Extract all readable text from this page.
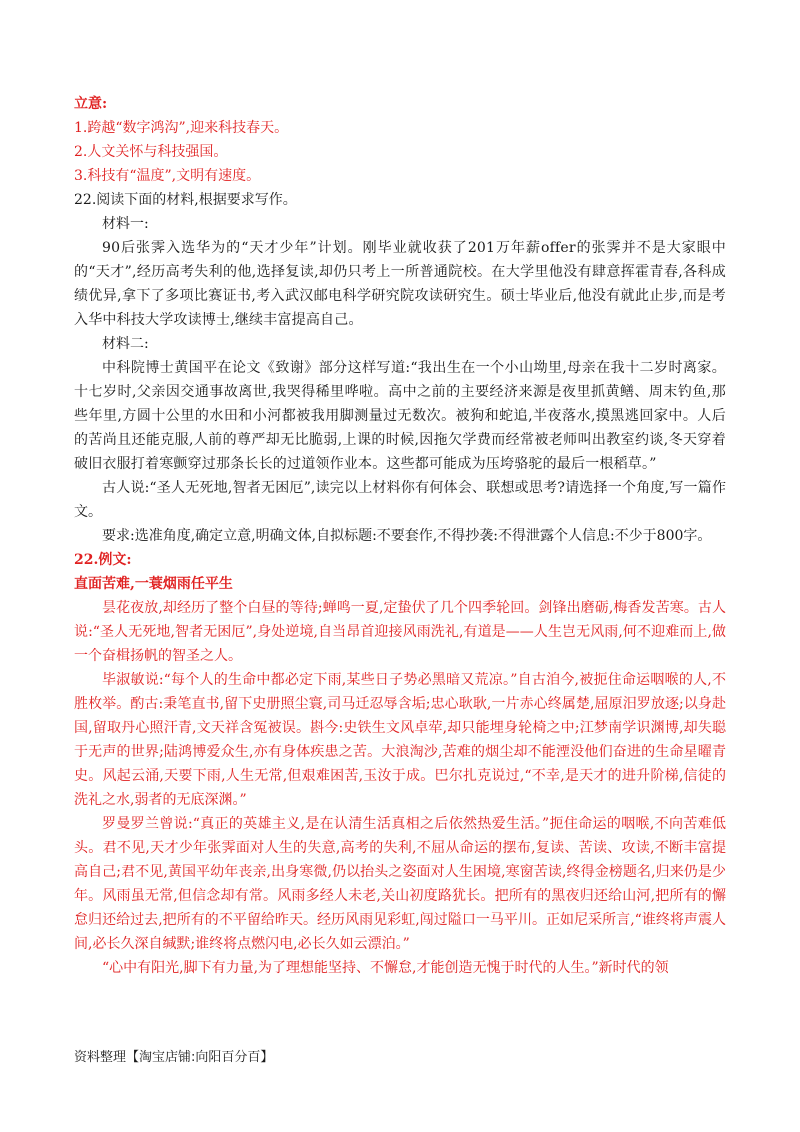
立意:

1.跨越“数字鸿沟”,迎来科技春天。

2.人文关怀与科技强国。

3.科技有“温度”,文明有速度。

22.阅读下面的材料,根据要求写作。

材料一:

90后张霁入选华为的“天才少年”计划。刚毕业就收获了201万年薪offer的张霁并不是大家眼中的“天才”,经历高考失利的他,选择复读,却仍只考上一所普通院校。在大学里他没有肆意挥霍青春,各科成绩优异,拿下了多项比赛证书,考入武汉邮电科学研究院攻读研究生。硕士毕业后,他没有就此止步,而是考入华中科技大学攻读博士,继续丰富提高自己。

材料二:

中科院博士黄国平在论文《致谢》部分这样写道:“我出生在一个小山坳里,母亲在我十二岁时离家。十七岁时,父亲因交通事故离世,我哭得稀里哗啦。高中之前的主要经济来源是夜里抓黄鳝、周末钓鱼,那些年里,方圆十公里的水田和小河都被我用脚测量过无数次。被狗和蛇追,半夜落水,摸黑逃回家中。人后的苦尚且还能克服,人前的尊严却无比脆弱,上课的时候,因拖欠学费而经常被老师叫出教室约谈,冬天穿着破旧衣服打着寒颤穿过那条长长的过道领作业本。这些都可能成为压垮骆驼的最后一根稻草。”

古人说:“圣人无死地,智者无困厄”,读完以上材料你有何体会、联想或思考?请选择一个角度,写一篇作文。

要求:选准角度,确定立意,明确文体,自拟标题:不要套作,不得抄袭:不得泄露个人信息:不少于800字。

22.例文:

直面苦难,一蓑烟雨任平生

昙花夜放,却经历了整个白昼的等待;蝉鸣一夏,定蛰伏了几个四季轮回。剑锋出磨砺,梅香发苦寒。古人说:“圣人无死地,智者无困厄”,身处逆境,自当昂首迎接风雨洗礼,有道是——人生岂无风雨,何不迎难而上,做一个奋楫扬帆的智圣之人。

毕淑敏说:“每个人的生命中都必定下雨,某些日子势必黑暗又荒凉。”自古洎今,被扼住命运咽喉的人,不胜枚举。酌古:秉笔直书,留下史册照尘寰,司马迁忍辱含垢;忠心耿耿,一片赤心终属楚,屈原汨罗放逐;以身赴国,留取丹心照汗青,文天祥含冤被误。斟今:史铁生文风卓荦,却只能埋身轮椅之中;江梦南学识渊博,却失聪于无声的世界;陆鸿博爱众生,亦有身体疾患之苦。大浪淘沙,苦难的烟尘却不能湮没他们奋进的生命星曜青史。风起云涌,天要下雨,人生无常,但艰难困苦,玉汝于成。巴尔扎克说过,“不幸,是天才的进升阶梯,信徒的洗礼之水,弱者的无底深渊。”

罗曼罗兰曾说:“真正的英雄主义,是在认清生活真相之后依然热爱生活。”扼住命运的咽喉,不向苦难低头。君不见,天才少年张霁面对人生的失意,高考的失利,不屈从命运的摆布,复读、苦读、攻读,不断丰富提高自己;君不见,黄国平幼年丧亲,出身寒微,仍以抬头之姿面对人生困境,寒窗苦读,终得金榜题名,归来仍是少年。风雨虽无常,但信念却有常。风雨多经人未老,关山初度路犹长。把所有的黑夜归还给山河,把所有的懈怠归还给过去,把所有的不平留给昨天。经历风雨见彩虹,闯过隘口一马平川。正如尼采所言,“谁终将声震人间,必长久深自缄默;谁终将点燃闪电,必长久如云漂泊。”

“心中有阳光,脚下有力量,为了理想能坚持、不懈怠,才能创造无愧于时代的人生。”新时代的领

资料整理【淘宝店铺:向阳百分百】
